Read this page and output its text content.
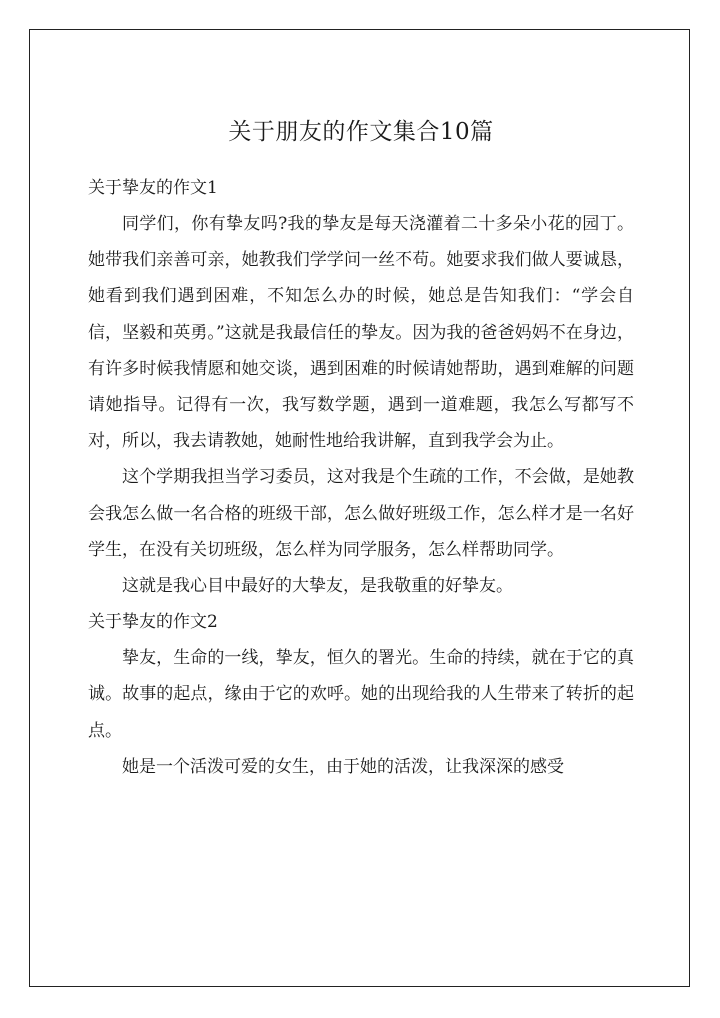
关于朋友的作文集合10篇
关于挚友的作文1

同学们，你有挚友吗?我的挚友是每天浇灌着二十多朵小花的园丁。她带我们亲善可亲，她教我们学学问一丝不苟。她要求我们做人要诚恳，她看到我们遇到困难，不知怎么办的时候，她总是告知我们：“学会自信，坚毅和英勇。”这就是我最信任的挚友。因为我的爸爸妈妈不在身边，有许多时候我情愿和她交谈，遇到困难的时候请她帮助，遇到难解的问题请她指导。记得有一次，我写数学题，遇到一道难题，我怎么写都写不对，所以，我去请教她，她耐性地给我讲解，直到我学会为止。

这个学期我担当学习委员，这对我是个生疏的工作，不会做，是她教会我怎么做一名合格的班级干部，怎么做好班级工作，怎么样才是一名好学生，在没有关切班级，怎么样为同学服务，怎么样帮助同学。

这就是我心目中最好的大挚友，是我敬重的好挚友。

关于挚友的作文2

挚友，生命的一线，挚友，恒久的署光。生命的持续，就在于它的真诚。故事的起点，缘由于它的欢呼。她的出现给我的人生带来了转折的起点。

她是一个活泼可爱的女生，由于她的活泼，让我深深的感受
